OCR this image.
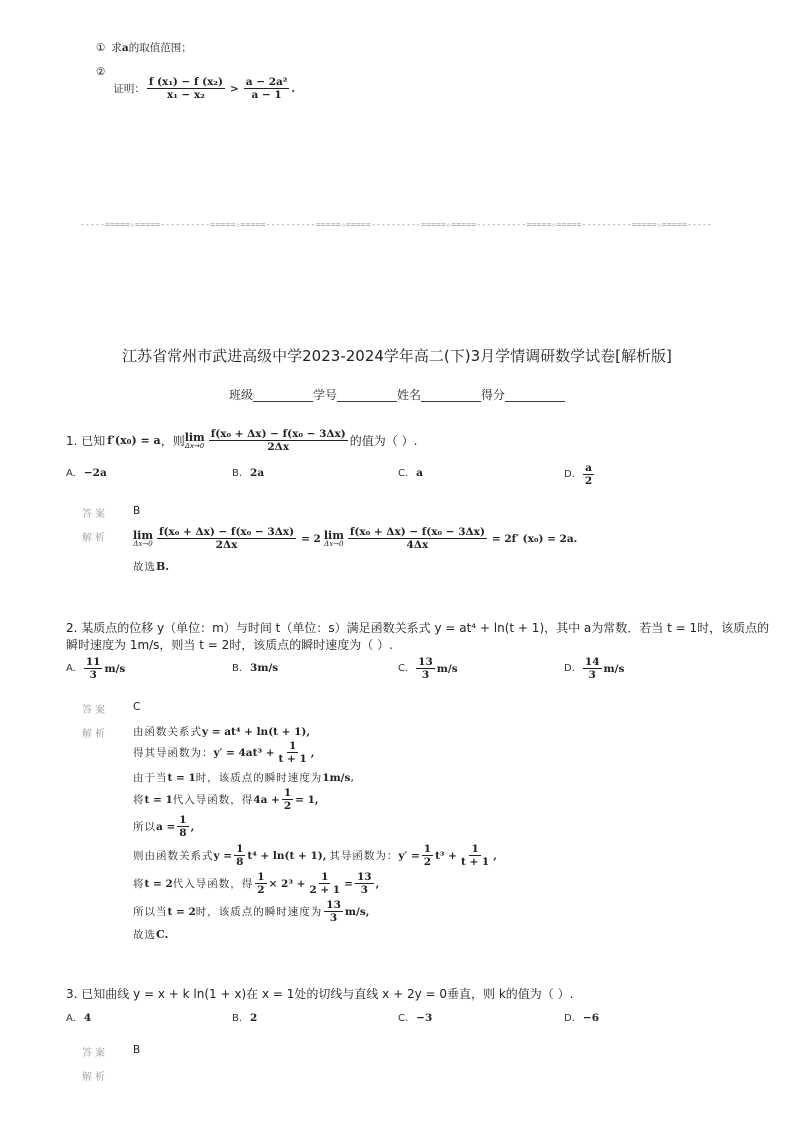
① 求 a 的取值范围；
②
证明： $\frac{\text{f (x₁) − f (x₂)}}{\text{x₁ − x₂}} > \frac{\text{a − 2a²}}{a - 1}$ .
-----=====☆=====----------=====☆=====----------=====☆=====----------=====☆=====----------=====☆=====----------=====☆=====-----
江苏省常州市武进高级中学2023-2024学年高二(下)3月学情调研数学试卷[解析版]
班级__________学号__________姓名__________得分__________
1. 已知 f′(x₀) = a ，则 lim
$\Delta x\to 0 \frac{\text{f(x₀ + Δx) − f(x₀ − 3Δx)}}{2\Delta x}$ 的值为（ ）.
A. −2a	B. 2a	C. a	D. $\frac{a}{2}$
答案 B
解析 lim
$\Delta x\to 0 \frac{\text{f(x₀ + Δx) − f(x₀ − 3Δx)}}{2\Delta x} = 2$ lim
$\Delta x\to 0 \frac{\text{f(x₀ + Δx) − f(x₀ − 3Δx)}}{4\Delta x} = 2f'$ (x₀) = 2a.
故选 B.
2. 某质点的位移 y（单位：m）与时间 t（单位：s）满足函数关系式 y = at⁴ + ln(t + 1)，其中 a为常数．若当 t = 1时，该质点的
瞬时速度为 1m/s，则当 t = 2时，该质点的瞬时速度为（ ）.
A. $\frac{11}{3} m/s$	B. 3m/s	C. $\frac{13}{3} m/s$	D. $\frac{14}{3} m/s$
答案 C
解析 由函数关系式 y = at⁴ + ln(t + 1),
得其导函数为： $y' = 4at^3 + \frac{1}{t + 1}$ ,
由于当 t = 1 时，该质点的瞬时速度为 1m/s ,
将 t = 1 代入导函数，得 $4a + \frac{1}{2} = 1$,
所以 $a = \frac{1}{8}$ ,
则由函数关系式 $y = \frac{1}{8} t^4 + \ln(t + 1)$, 其导函数为： $y' = \frac{1}{2} t^3 + \frac{1}{t + 1}$ ,
将 t = 2 代入导函数，得 $\frac{1}{2} \times 2^3 + \frac{1}{2 + 1} = \frac{13}{3}$ ,
所以当 t = 2 时，该质点的瞬时速度为 $\frac{13}{3} m/s$,
故选 C.
3. 已知曲线 y = x + k ln(1 + x)在 x = 1处的切线与直线 x + 2y = 0垂直，则 k的值为（ ）.
A. 4	B. 2	C. −3	D. −6
答案 B
解析
